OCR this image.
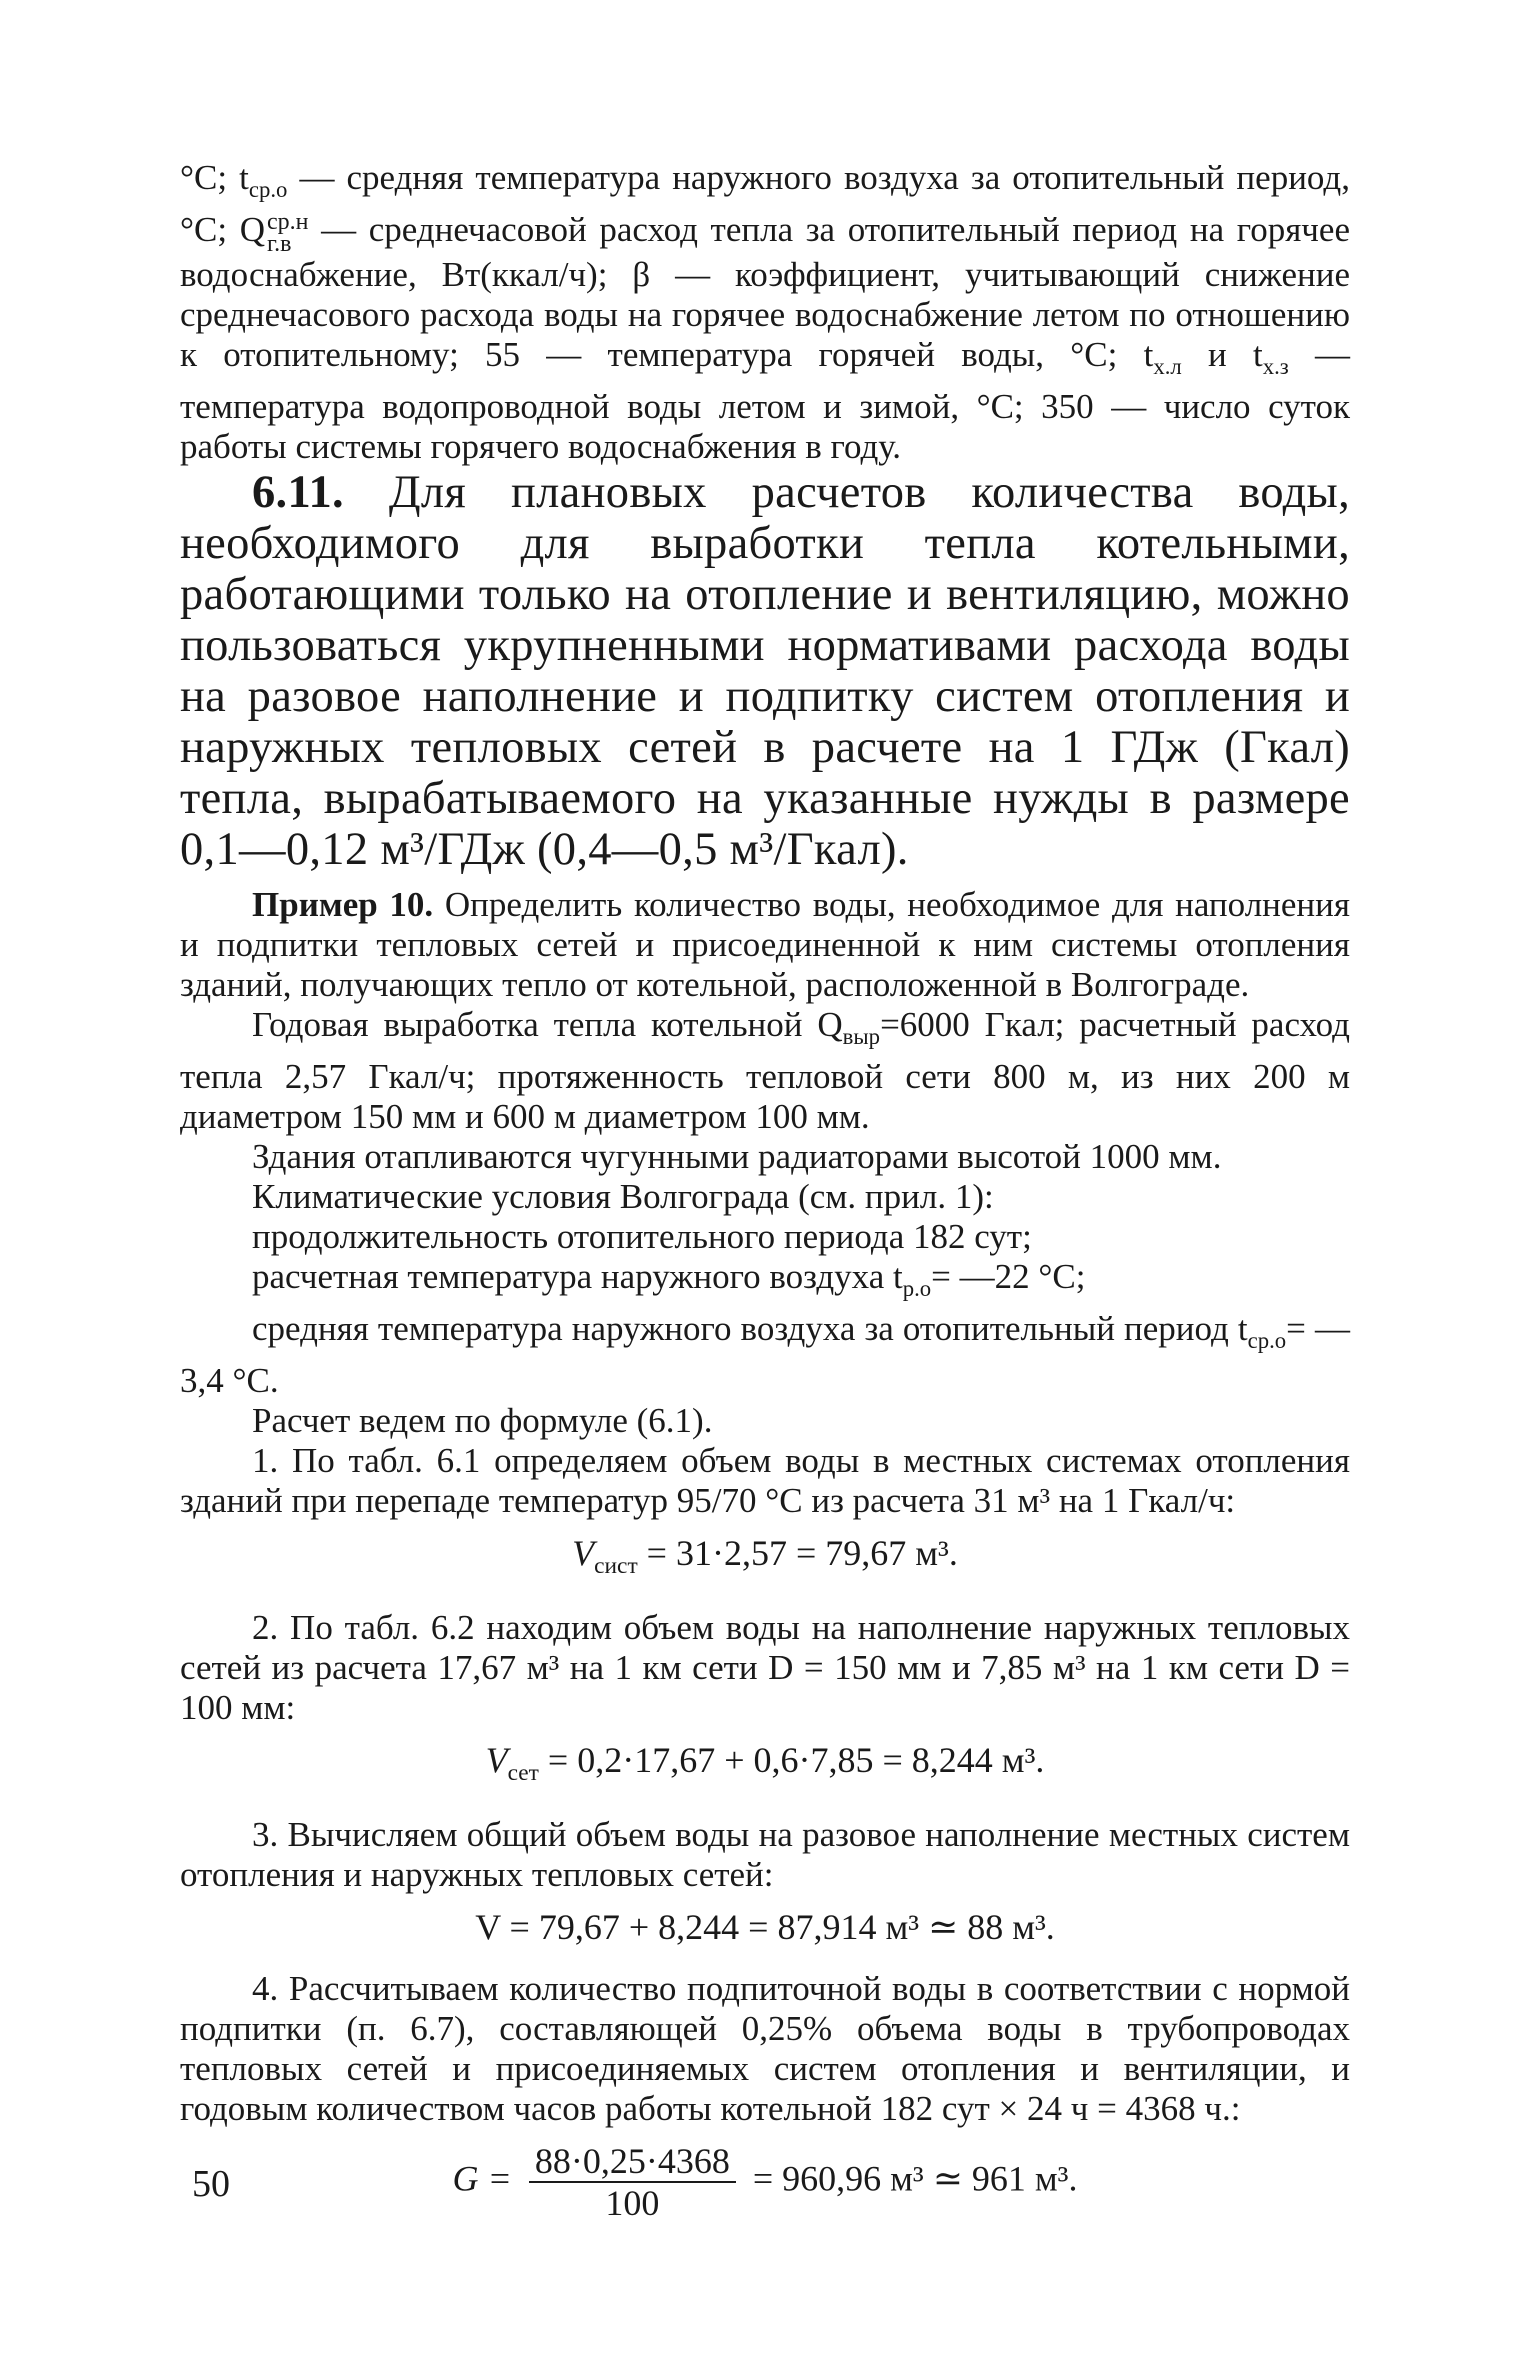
°C; $t_{ср.о}$ — средняя температура наружного воздуха за отопительный период, °C; Q ср.н
г.в — среднечасовой расход тепла за отопительный период на горячее водоснабжение, Вт(ккал/ч); β — коэффициент, учитывающий снижение среднечасового расхода воды на горячее водоснабжение летом по отношению к отопительному; 55 — температура горячей воды, °C; $t_{х.л}$ и $t_{х.з}$ — температура водопроводной воды летом и зимой, °C; 350 — число суток работы системы горячего водоснабжения в году.

6.11. Для плановых расчетов количества воды, необходимого для выработки тепла котельными, работающими только на отопление и вентиляцию, можно пользоваться укрупненными нормативами расхода воды на разовое наполнение и подпитку систем отопления и наружных тепловых сетей в расчете на 1 ГДж (Гкал) тепла, вырабатываемого на указанные нужды в размере 0,1—0,12 м³/ГДж (0,4—0,5 м³/Гкал).

Пример 10. Определить количество воды, необходимое для наполнения и подпитки тепловых сетей и присоединенной к ним системы отопления зданий, получающих тепло от котельной, расположенной в Волгограде.

Годовая выработка тепла котельной $Q_{выр}=6000$ Гкал; расчетный расход тепла 2,57 Гкал/ч; протяженность тепловой сети 800 м, из них 200 м диаметром 150 мм и 600 м диаметром 100 мм.

Здания отапливаются чугунными радиаторами высотой 1000 мм.

Климатические условия Волгограда (см. прил. 1):

продолжительность отопительного периода 182 сут;

расчетная температура наружного воздуха $t_{р.о}=$ —22 °C;

средняя температура наружного воздуха за отопительный период $t_{ср.о}=$ —3,4 °C.

Расчет ведем по формуле (6.1).

1. По табл. 6.1 определяем объем воды в местных системах отопления зданий при перепаде температур 95/70 °C из расчета 31 м³ на 1 Гкал/ч:

$V_{сист} = 31\cdot 2,57 = 79,67$ м³.

2. По табл. 6.2 находим объем воды на наполнение наружных тепловых сетей из расчета 17,67 м³ на 1 км сети D = 150 мм и 7,85 м³ на 1 км сети D = 100 мм:

$V_{сет} = 0,2\cdot 17,67 + 0,6\cdot 7,85 = 8,244$ м³.

3. Вычисляем общий объем воды на разовое наполнение местных систем отопления и наружных тепловых сетей:

V = 79,67 + 8,244 = 87,914 м³ ≃ 88 м³.

4. Рассчитываем количество подпиточной воды в соответствии с нормой подпитки (п. 6.7), составляющей 0,25% объема воды в трубопроводах тепловых сетей и присоединяемых систем отопления и вентиляции, и годовым количеством часов работы котельной 182 сут × 24 ч = 4368 ч.:

$G = \frac{88\cdot 0,25\cdot 4368}{100} = 960,96$ м³ ≃ 961 м³.
50
